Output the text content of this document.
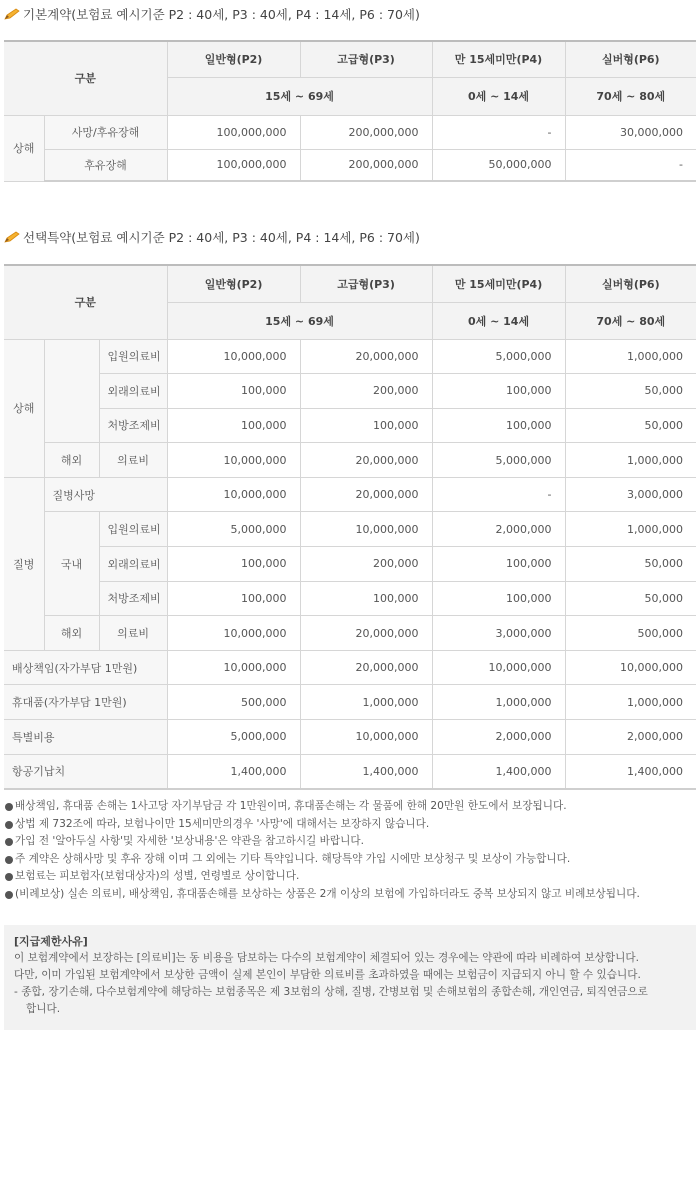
기본계약(보험료 예시기준 P2 : 40세, P3 : 40세, P4 : 14세, P6 : 70세)
구분		일반형(P2)	고급형(P3)	만 15세미만(P4)	실버형(P6)
		15세 ~ 69세		0세 ~ 14세	70세 ~ 80세
상해	사망/후유장해	100,000,000	200,000,000	-	30,000,000
	후유장해	100,000,000	200,000,000	50,000,000	-
선택특약(보험료 예시기준 P2 : 40세, P3 : 40세, P4 : 14세, P6 : 70세)
구분			일반형(P2)	고급형(P3)	만 15세미만(P4)	실버형(P6)
			15세 ~ 69세		0세 ~ 14세	70세 ~ 80세
상해		입원의료비	10,000,000	20,000,000	5,000,000	1,000,000
		외래의료비	100,000	200,000	100,000	50,000
		처방조제비	100,000	100,000	100,000	50,000
	해외	의료비	10,000,000	20,000,000	5,000,000	1,000,000
질병	질병사망		10,000,000	20,000,000	-	3,000,000
	국내	입원의료비	5,000,000	10,000,000	2,000,000	1,000,000
		외래의료비	100,000	200,000	100,000	50,000
		처방조제비	100,000	100,000	100,000	50,000
	해외	의료비	10,000,000	20,000,000	3,000,000	500,000
배상책임(자가부담 1만원)			10,000,000	20,000,000	10,000,000	10,000,000
휴대품(자가부담 1만원)			500,000	1,000,000	1,000,000	1,000,000
특별비용			5,000,000	10,000,000	2,000,000	2,000,000
항공기납치			1,400,000	1,400,000	1,400,000	1,400,000
배상책임, 휴대품 손해는 1사고당 자기부담금 각 1만원이며, 휴대품손해는 각 물품에 한해 20만원 한도에서 보장됩니다.
상법 제 732조에 따라, 보험나이만 15세미만의경우 '사망'에 대해서는 보장하지 않습니다.
가입 전 '알아두실 사항'및 자세한 '보상내용'은 약관을 참고하시길 바랍니다.
주 계약은 상해사망 및 후유 장해 이며 그 외에는 기타 특약입니다. 해당특약 가입 시에만 보상청구 및 보상이 가능합니다.
보험료는 피보험자(보험대상자)의 성별, 연령별로 상이합니다.
(비례보상) 실손 의료비, 배상책임, 휴대품손해를 보상하는 상품은 2개 이상의 보험에 가입하더라도 중복 보상되지 않고 비례보상됩니다.
[지급제한사유]
이 보험계약에서 보장하는 [의료비]는 동 비용을 담보하는 다수의 보험계약이 체결되어 있는 경우에는 약관에 따라 비례하여 보상합니다.
다만, 이미 가입된 보험계약에서 보상한 금액이 실제 본인이 부담한 의료비를 초과하였을 때에는 보험금이 지급되지 아니 할 수 있습니다.
- 종합, 장기손해, 다수보험계약에 해당하는 보험종목은 제 3보험의 상해, 질병, 간병보험 및 손해보험의 종합손해, 개인연금, 퇴직연금으로
합니다.
